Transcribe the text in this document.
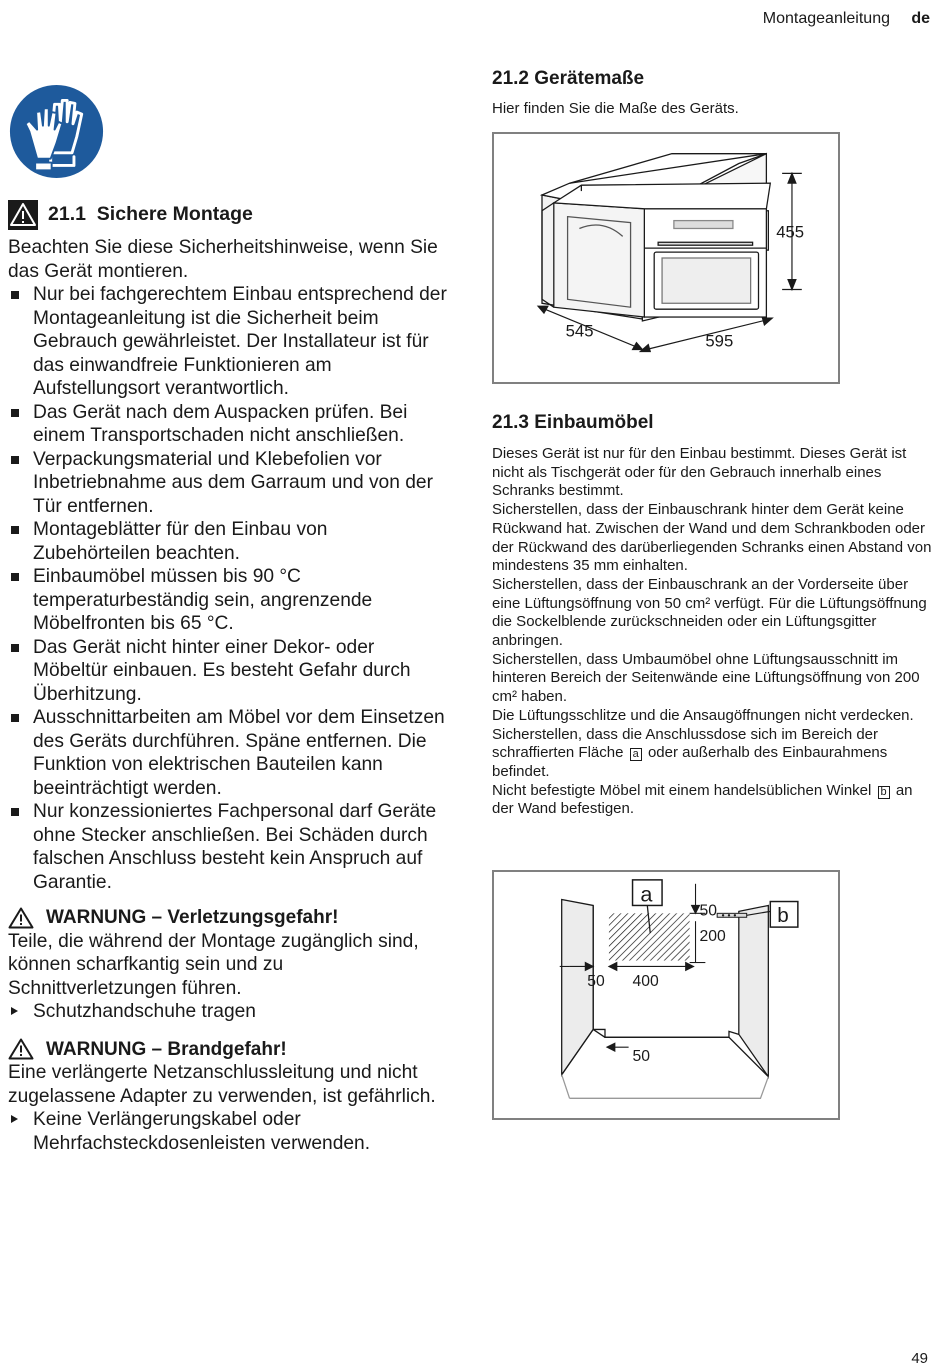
Montageanleitung de
21.1
Sichere Montage
Beachten Sie diese Sicherheitshinweise, wenn Sie das Gerät montieren.
Nur bei fachgerechtem Einbau entsprechend der Montageanleitung ist die Sicherheit beim Gebrauch gewährleistet. Der Installateur ist für das einwandfreie Funktionieren am Aufstellungsort verantwortlich.
Das Gerät nach dem Auspacken prüfen. Bei einem Transportschaden nicht anschließen.
Verpackungsmaterial und Klebefolien vor Inbetriebnahme aus dem Garraum und von der Tür entfernen.
Montageblätter für den Einbau von Zubehörteilen beachten.
Einbaumöbel müssen bis 90 °C temperaturbeständig sein, angrenzende Möbelfronten bis 65 °C.
Das Gerät nicht hinter einer Dekor- oder Möbeltür einbauen. Es besteht Gefahr durch Überhitzung.
Ausschnittarbeiten am Möbel vor dem Einsetzen des Geräts durchführen. Späne entfernen. Die Funktion von elektrischen Bauteilen kann beeinträchtigt werden.
Nur konzessioniertes Fachpersonal darf Geräte ohne Stecker anschließen. Bei Schäden durch falschen Anschluss besteht kein Anspruch auf Garantie.
WARNUNG – Verletzungsgefahr!
Teile, die während der Montage zugänglich sind, können scharfkantig sein und zu Schnittverletzungen führen.
Schutzhandschuhe tragen
WARNUNG – Brandgefahr!
Eine verlängerte Netzanschlussleitung und nicht zugelassene Adapter zu verwenden, ist gefährlich.
Keine Verlängerungskabel oder Mehrfachsteckdosenleisten verwenden.
21.2 Gerätemaße
Hier finden Sie die Maße des Geräts.
455
545
595
21.3 Einbaumöbel
Dieses Gerät ist nur für den Einbau bestimmt. Dieses Gerät ist nicht als Tischgerät oder für den Gebrauch innerhalb eines Schranks bestimmt.
Sicherstellen, dass der Einbauschrank hinter dem Gerät keine Rückwand hat. Zwischen der Wand und dem Schrankboden oder der Rückwand des darüberliegenden Schranks einen Abstand von mindestens 35 mm einhalten.
Sicherstellen, dass der Einbauschrank an der Vorderseite über eine Lüftungsöffnung von 50 cm² verfügt. Für die Lüftungsöffnung die Sockelblende zurückschneiden oder ein Lüftungsgitter anbringen.
Sicherstellen, dass Umbaumöbel ohne Lüftungsausschnitt im hinteren Bereich der Seitenwände eine Lüftungsöffnung von 200 cm² haben.
Die Lüftungsschlitze und die Ansaugöffnungen nicht verdecken.
Sicherstellen, dass die Anschlussdose sich im Bereich der schraffierten Fläche a oder außerhalb des Einbaurahmens befindet.
Nicht befestigte Möbel mit einem handelsüblichen Winkel b an der Wand befestigen.
a
b
50
200
50 400
50
49
